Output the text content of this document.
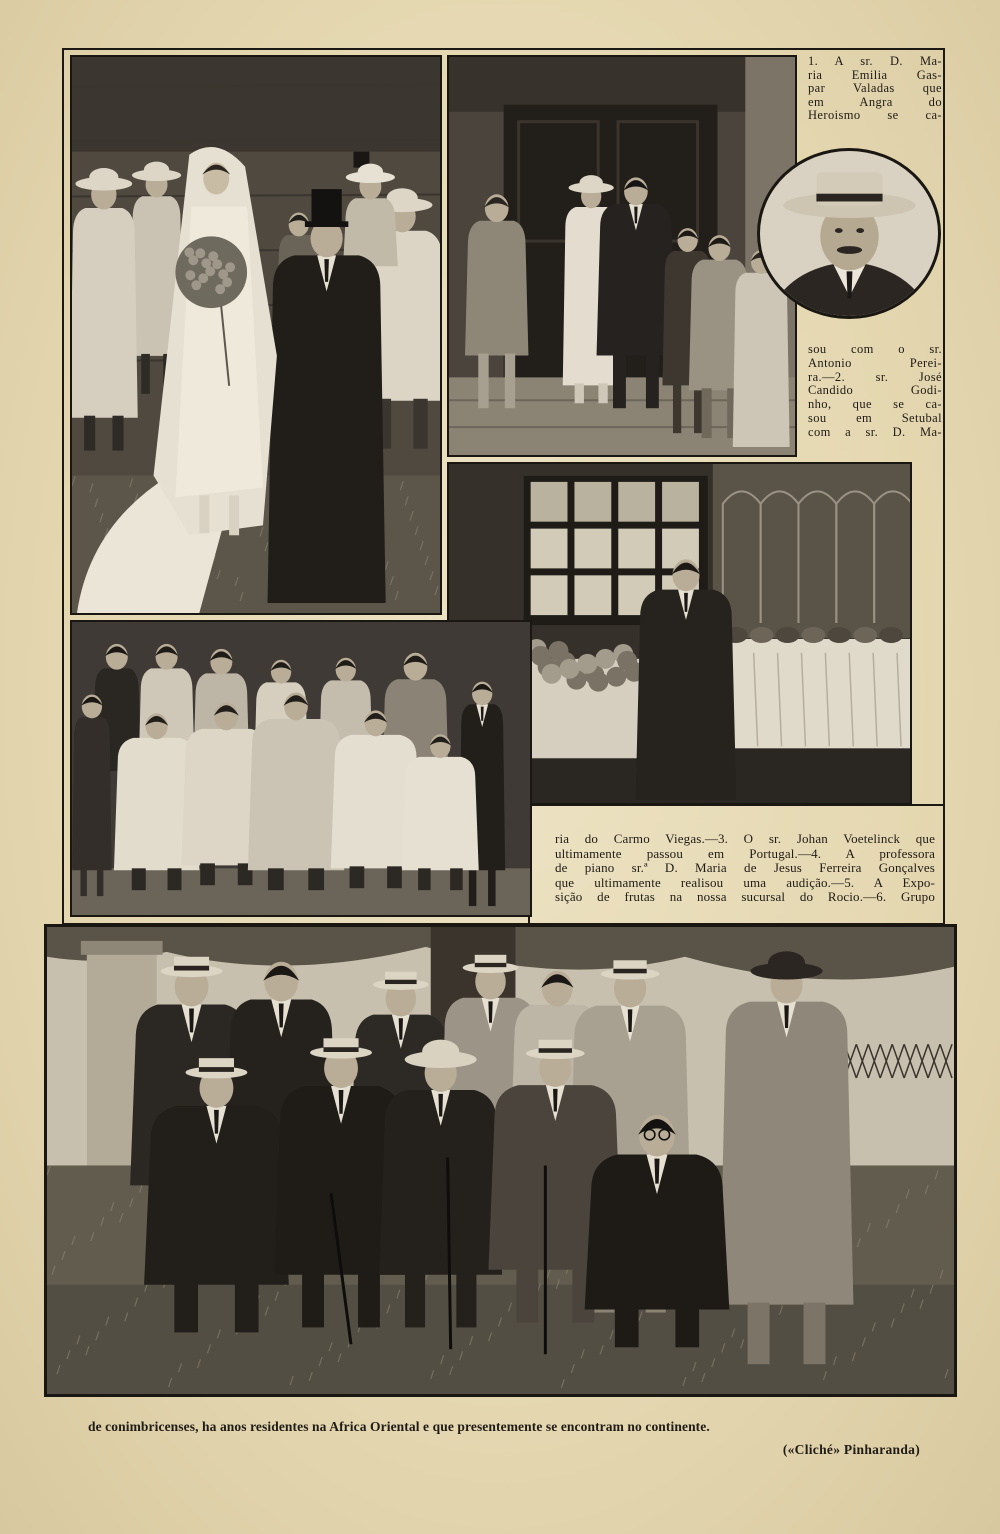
1. A sr. D. Ma-
ria Emilia Gas-
par Valadas que
em Angra do
Heroismo se ca-
sou com o sr.
Antonio Perei-
ra.—2. sr. José
Candido Godi-
nho, que se ca-
sou em Setubal
com a sr. D. Ma-
ria do Carmo Viegas.—3. O sr. Johan Voetelinck que
ultimamente passou em Portugal.—4. A professora
de piano sr.ª D. Maria de Jesus Ferreira Gonçalves
que ultimamente realisou uma audição.—5. A Expo-
sição de frutas na nossa sucursal do Rocio.—6. Grupo
de conimbricenses, ha anos residentes na Africa Oriental e que presentemente se encontram no continente.
(«Cliché» Pinharanda)
